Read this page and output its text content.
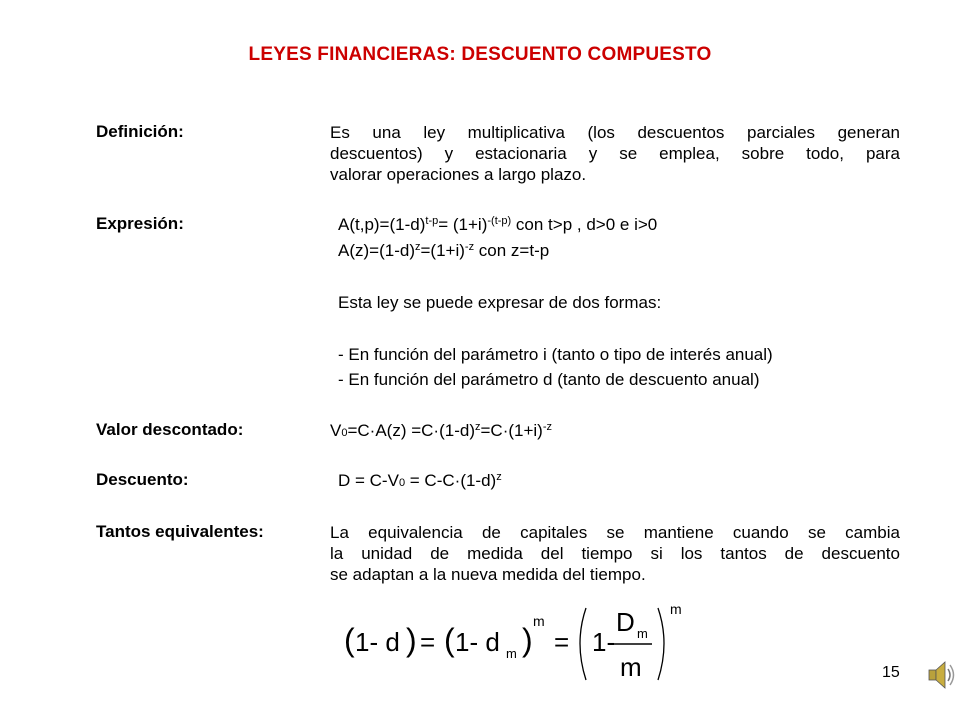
LEYES FINANCIERAS: DESCUENTO COMPUESTO
Definición:	Es una ley multiplicativa (los descuentos parciales generan
descuentos) y estacionaria y se emplea, sobre todo, para
valorar operaciones a largo plazo.
Expresión:	$A(t,p)=(1-d)^{t-p}= (1+i)^{-(t-p)}$ con t>p , d>0 e i>0
$A(z)=(1-d)^z=(1+i)^{-z}$ con z=t-p
Esta ley se puede expresar de dos formas:
- En función del parámetro i (tanto o tipo de interés anual)
- En función del parámetro d (tanto de descuento anual)
Valor descontado:	$V_0=C\cdot A(z) =C\cdot(1-d)^z=C\cdot(1+i)^{-z}$
Descuento:	$D = C-V_0 = C-C\cdot(1-d)^z$
Tantos equivalentes:	La equivalencia de capitales se mantiene cuando se cambia
la unidad de medida del tiempo si los tantos de descuento
se adaptan a la nueva medida del tiempo.
( 1- d ) = ( 1- d m )
m
= 1-
D m
m
m
15
